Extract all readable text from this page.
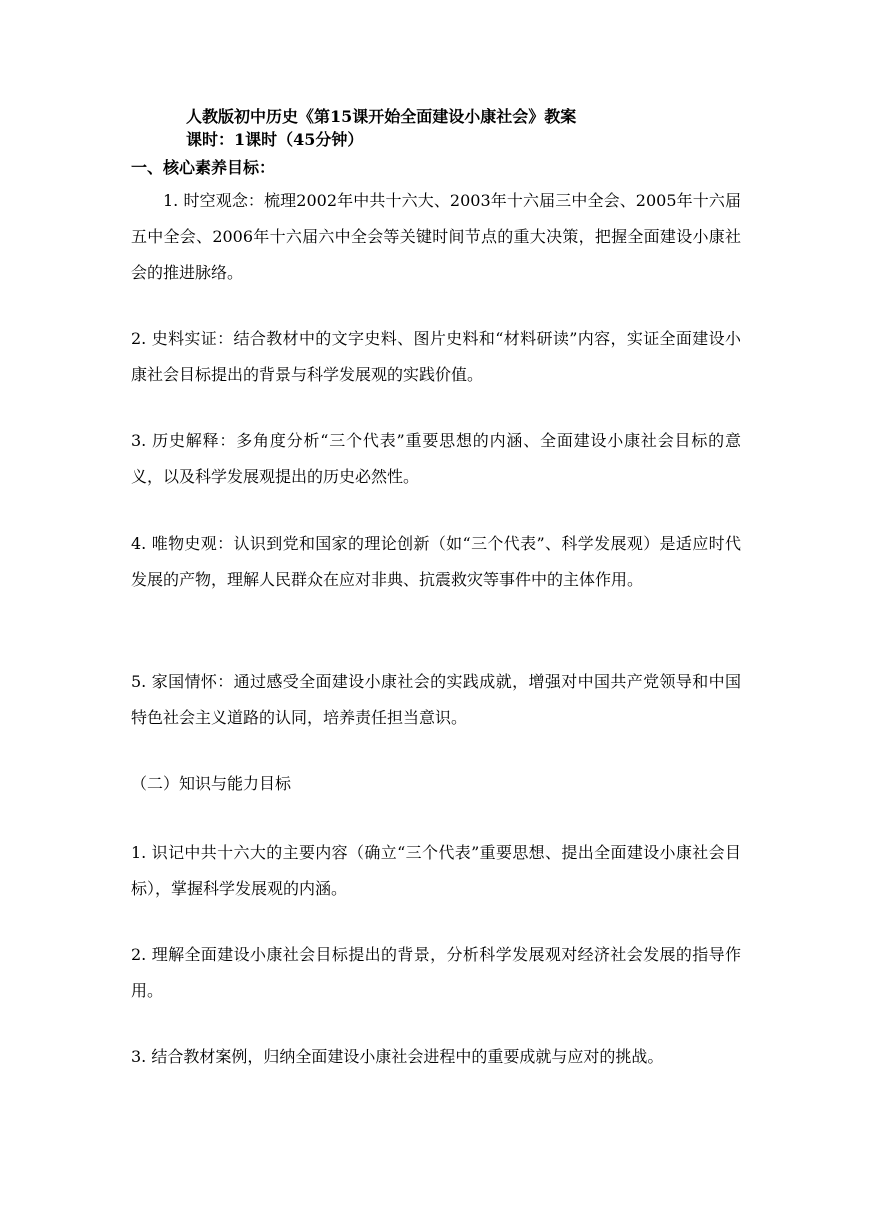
人教版初中历史《第15课开始全面建设小康社会》教案
课时：1课时（45分钟）
一、核心素养目标：
1. 时空观念：梳理2002年中共十六大、2003年十六届三中全会、2005年十六届五中全会、2006年十六届六中全会等关键时间节点的重大决策，把握全面建设小康社会的推进脉络。
2. 史料实证：结合教材中的文字史料、图片史料和“材料研读”内容，实证全面建设小康社会目标提出的背景与科学发展观的实践价值。
3. 历史解释：多角度分析“三个代表”重要思想的内涵、全面建设小康社会目标的意义，以及科学发展观提出的历史必然性。
4. 唯物史观：认识到党和国家的理论创新（如“三个代表”、科学发展观）是适应时代发展的产物，理解人民群众在应对非典、抗震救灾等事件中的主体作用。
5. 家国情怀：通过感受全面建设小康社会的实践成就，增强对中国共产党领导和中国特色社会主义道路的认同，培养责任担当意识。
（二）知识与能力目标
1. 识记中共十六大的主要内容（确立“三个代表”重要思想、提出全面建设小康社会目标），掌握科学发展观的内涵。
2. 理解全面建设小康社会目标提出的背景，分析科学发展观对经济社会发展的指导作用。
3. 结合教材案例，归纳全面建设小康社会进程中的重要成就与应对的挑战。
